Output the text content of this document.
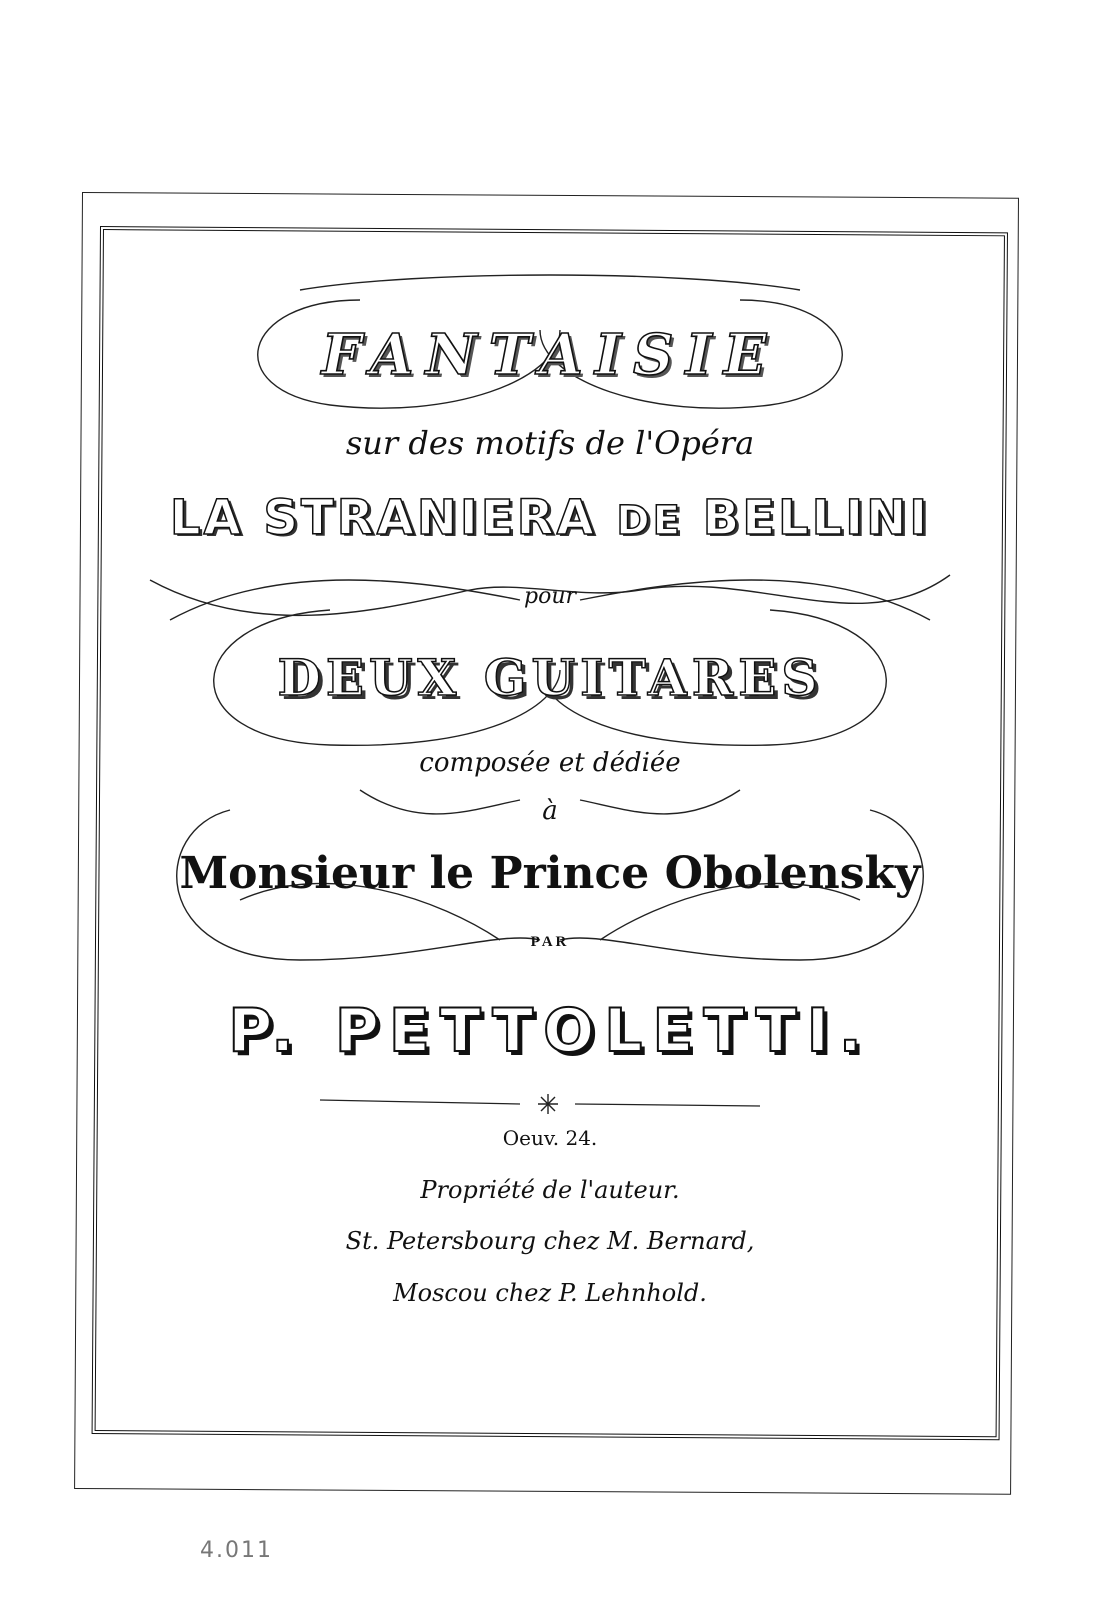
FANTAISIE
sur des motifs de l'Opéra
LA STRANIERA DE BELLINI
pour
DEUX GUITARES
composée et dédiée
à
Monsieur le Prince Obolensky
PAR
P. PETTOLETTI.
Oeuv. 24.
Propriété de l'auteur.
St. Petersbourg chez M. Bernard,
Moscou chez P. Lehnhold.
4.011
